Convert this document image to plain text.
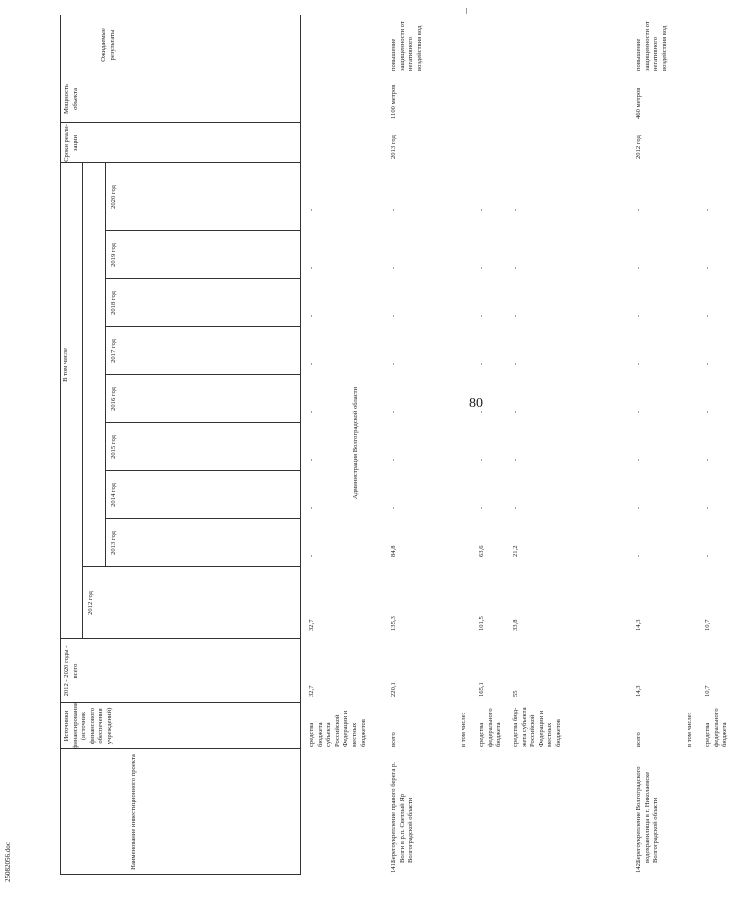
80
25082056.doc	Наименование инвестиционного проекта
Источники финансирования (источник финансового обеспечения учреждений)
2012 - 2020 годы - всего
В том числе
2012 год
2013 год
2014 год
2015 год
2016 год
2017 год
2018 год
2019 год
2020 год
Сроки реали-зации
Мощность объекта
Ожидаемые результаты
Администрация Волгоградской области
средства бюджета субъекта Российской Федерации и местных бюджетов
32,7
32,7
-
-
-
-
-
-
-
-
141.
Берегоукрепление правого берега р. Волги в р.п. Светлый Яр Волгоградской области
2013 год
1100 метров
повышение защищенности от негативного воздействия вод
всего
220,1
135,3
84,8
-
-
-
-
-
-
-
в том числе: средства федерального бюджета
165,1
101,5
63,6
-
-
-
-
-
-
-
средства бюд-жета субъекта Российской Федерации и местных бюджетов
55
33,8
21,2
-
-
-
-
-
-
-
142.
Берегоукрепление Волгоградского водохранилища в г. Николаевске Волгоградской области
2012 год
460 метров
повышение защищенности от негативного воздействия вод
всего
14,3
14,3
-
-
-
-
-
-
-
-
в том числе: средства федерального бюджета
10,7
10,7
-
-
-
-
-
-
-
-
